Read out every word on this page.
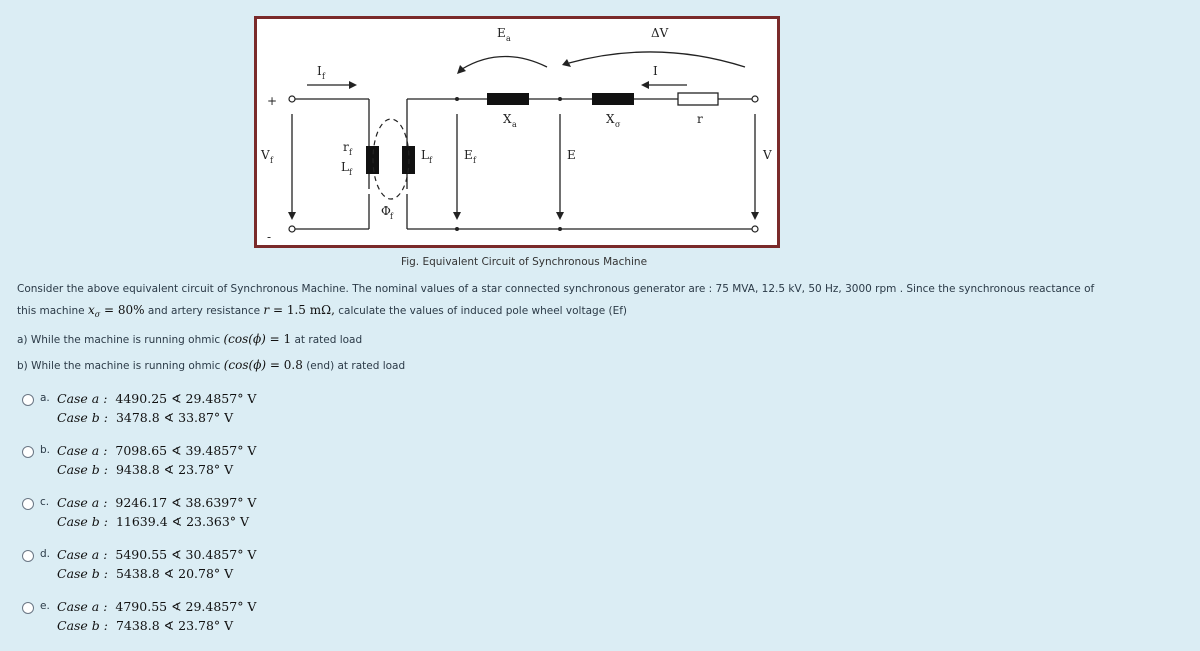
E a	ΔV
I f	I
+
-
X a	X σ	r
V f
r f
L f
L f	E f	E	V
Φ f
Fig. Equivalent Circuit of Synchronous Machine

Consider the above equivalent circuit of Synchronous Machine. The nominal values of a star connected synchronous generator are : 75 MVA, 12.5 kV, 50 Hz, 3000 rpm . Since the synchronous reactance of
this machine $x_\sigma = 80\%$ and artery resistance r = 1.5 mΩ, calculate the values of induced pole wheel voltage (Ef)

a) While the machine is running ohmic (cos(ϕ) = 1 at rated load

b) While the machine is running ohmic (cos(ϕ) = 0.8 (end) at rated load

a. Case a : 4490.25 ∢ 29.4857° V
Case b : 3478.8 ∢ 33.87° V
b. Case a : 7098.65 ∢ 39.4857° V
Case b : 9438.8 ∢ 23.78° V
c. Case a : 9246.17 ∢ 38.6397° V
Case b : 11639.4 ∢ 23.363° V
d. Case a : 5490.55 ∢ 30.4857° V
Case b : 5438.8 ∢ 20.78° V
e. Case a : 4790.55 ∢ 29.4857° V
Case b : 7438.8 ∢ 23.78° V
